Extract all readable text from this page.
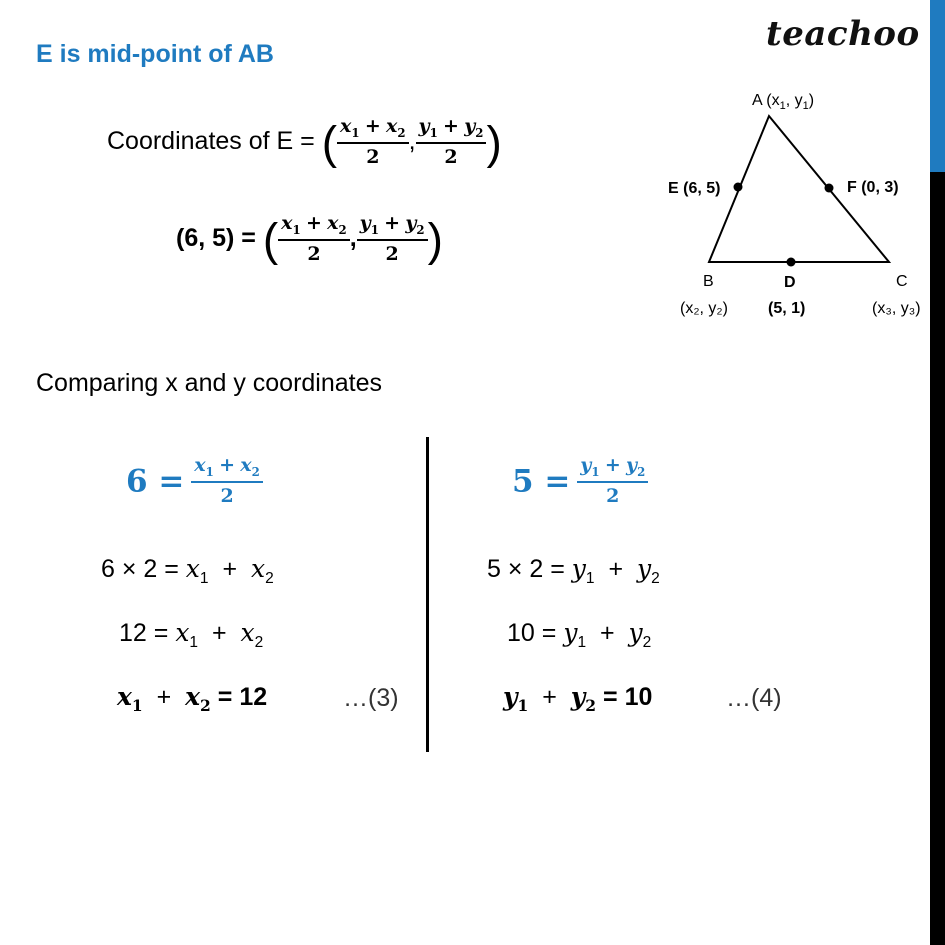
teachoo
E is mid-point of AB
Coordinates of E = ( $\frac{x_1 + x_2}{2}$ , $\frac{y_1 + y_2}{2}$ )
(6, 5) = ( $\frac{x_1 + x_2}{2}$ , $\frac{y_1 + y_2}{2}$ )
A ($x_1$, $y_1$)
E (6, 5)	F (0, 3)
B	D	C
(x₂, y₂)	(5, 1)	(x₃, y₃)
Comparing x and y coordinates
$6 = \frac{x_1 + x_2}{2}$
$6 \times 2 = x_1 + x_2$
$12 = x_1 + x_2$
$x_1 + x_2 = 12$	…(3)
$5 = \frac{y_1 + y_2}{2}$
$5 \times 2 = y_1 + y_2$
$10 = y_1 + y_2$
$y_1 + y_2 = 10$	…(4)
